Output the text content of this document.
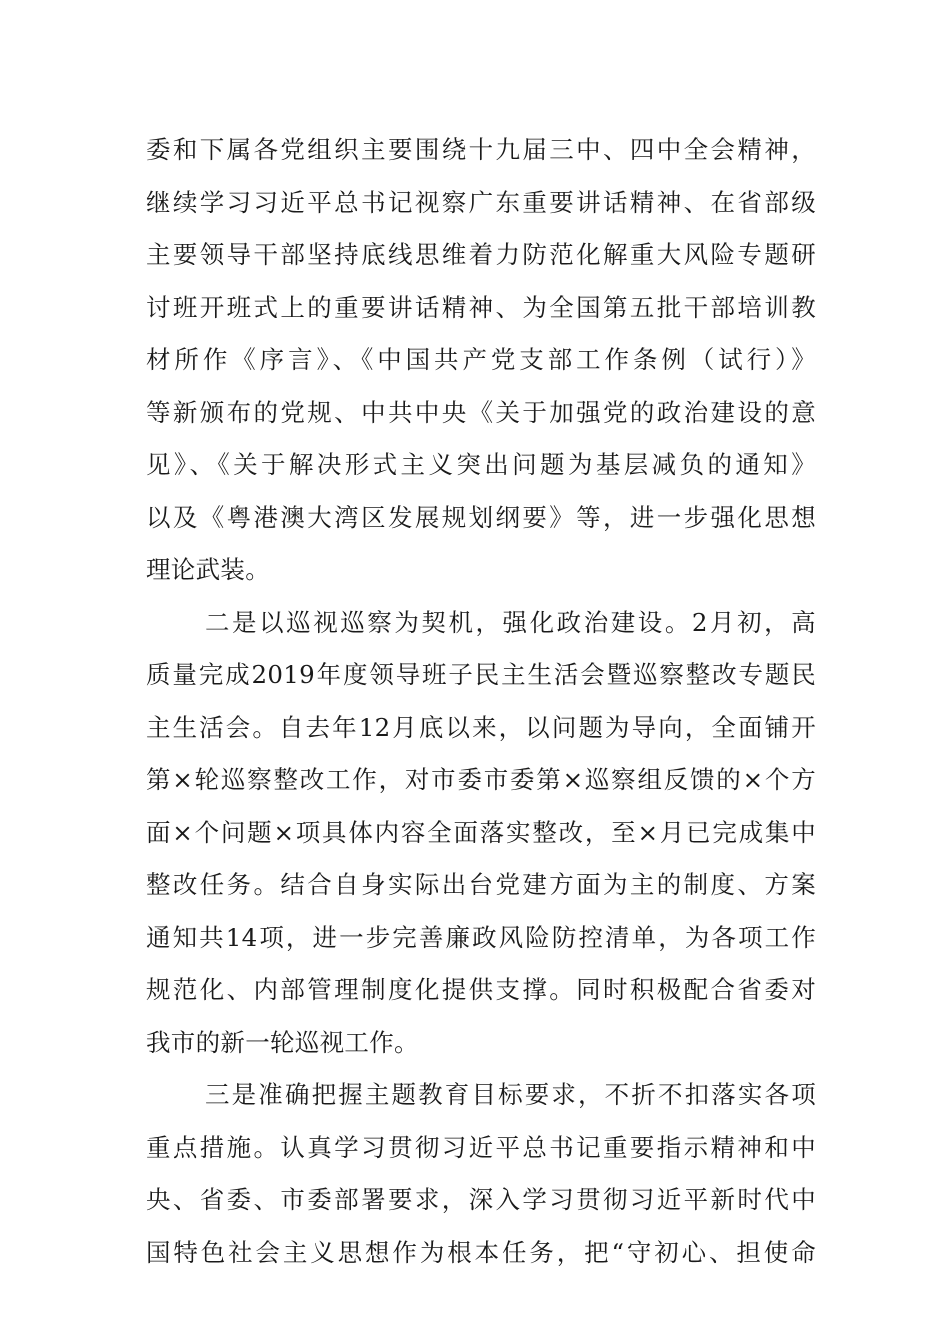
委和下属各党组织主要围绕十九届三中、四中全会精神，
继续学习习近平总书记视察广东重要讲话精神、在省部级
主要领导干部坚持底线思维着力防范化解重大风险专题研
讨班开班式上的重要讲话精神、为全国第五批干部培训教
材所作《序言》、《中国共产党支部工作条例（试行）》
等新颁布的党规、中共中央《关于加强党的政治建设的意
见》、《关于解决形式主义突出问题为基层减负的通知》
以及《粤港澳大湾区发展规划纲要》等，进一步强化思想
理论武装。
二是以巡视巡察为契机，强化政治建设。2月初，高
质量完成2019年度领导班子民主生活会暨巡察整改专题民
主生活会。自去年12月底以来，以问题为导向，全面铺开
第×轮巡察整改工作，对市委市委第×巡察组反馈的×个方
面×个问题×项具体内容全面落实整改，至×月已完成集中
整改任务。结合自身实际出台党建方面为主的制度、方案
通知共14项，进一步完善廉政风险防控清单，为各项工作
规范化、内部管理制度化提供支撑。同时积极配合省委对
我市的新一轮巡视工作。
三是准确把握主题教育目标要求，不折不扣落实各项
重点措施。认真学习贯彻习近平总书记重要指示精神和中
央、省委、市委部署要求，深入学习贯彻习近平新时代中
国特色社会主义思想作为根本任务，把“守初心、担使命
